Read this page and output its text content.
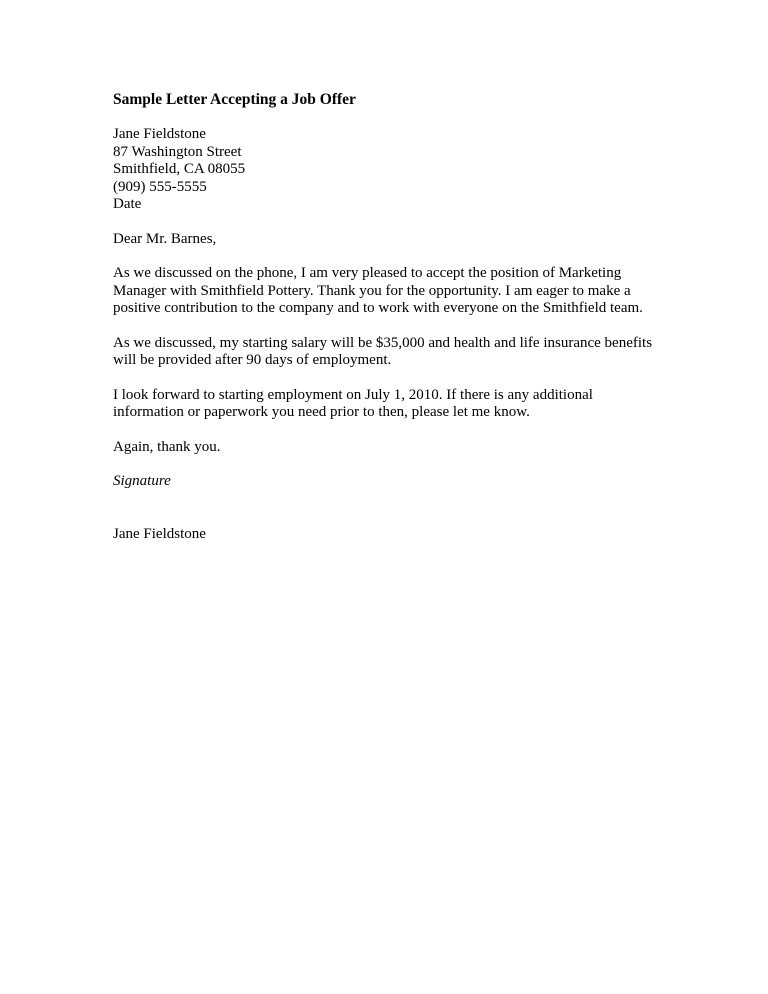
Sample Letter Accepting a Job Offer
Jane Fieldstone
87 Washington Street
Smithfield, CA 08055
(909) 555-5555
Date
Dear Mr. Barnes,
As we discussed on the phone, I am very pleased to accept the position of Marketing
Manager with Smithfield Pottery. Thank you for the opportunity. I am eager to make a
positive contribution to the company and to work with everyone on the Smithfield team.
As we discussed, my starting salary will be $35,000 and health and life insurance benefits
will be provided after 90 days of employment.
I look forward to starting employment on July 1, 2010. If there is any additional
information or paperwork you need prior to then, please let me know.
Again, thank you.
Signature
Jane Fieldstone
